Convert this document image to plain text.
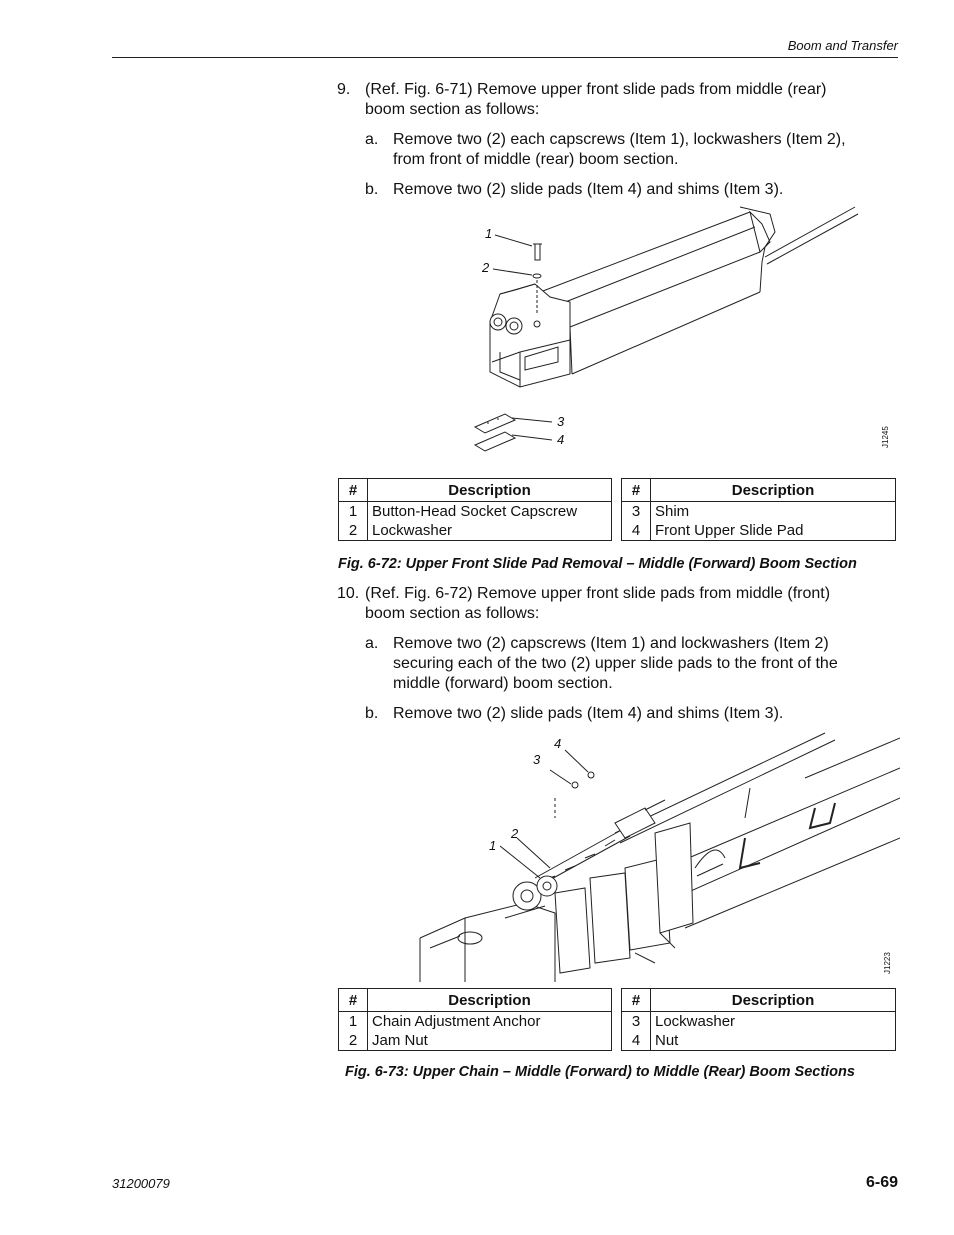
Boom and Transfer
9. (Ref. Fig. 6-71) Remove upper front slide pads from middle (rear)
boom section as follows:
a. Remove two (2) each capscrews (Item 1), lockwashers (Item 2),
from front of middle (rear) boom section.
b. Remove two (2) slide pads (Item 4) and shims (Item 3).
1
2
3
4	J1245
#	Description
1	Button-Head Socket Capscrew
2	Lockwasher
#	Description
3	Shim
4	Front Upper Slide Pad
Fig. 6-72: Upper Front Slide Pad Removal – Middle (Forward) Boom Section
10. (Ref. Fig. 6-72) Remove upper front slide pads from middle (front)
boom section as follows:
a. Remove two (2) capscrews (Item 1) and lockwashers (Item 2)
securing each of the two (2) upper slide pads to the front of the
middle (forward) boom section.
b. Remove two (2) slide pads (Item 4) and shims (Item 3).
1
2
3
4
J1223
#	Description
1	Chain Adjustment Anchor
2	Jam Nut
#	Description
3	Lockwasher
4	Nut
Fig. 6-73: Upper Chain – Middle (Forward) to Middle (Rear) Boom Sections
31200079	6-69
